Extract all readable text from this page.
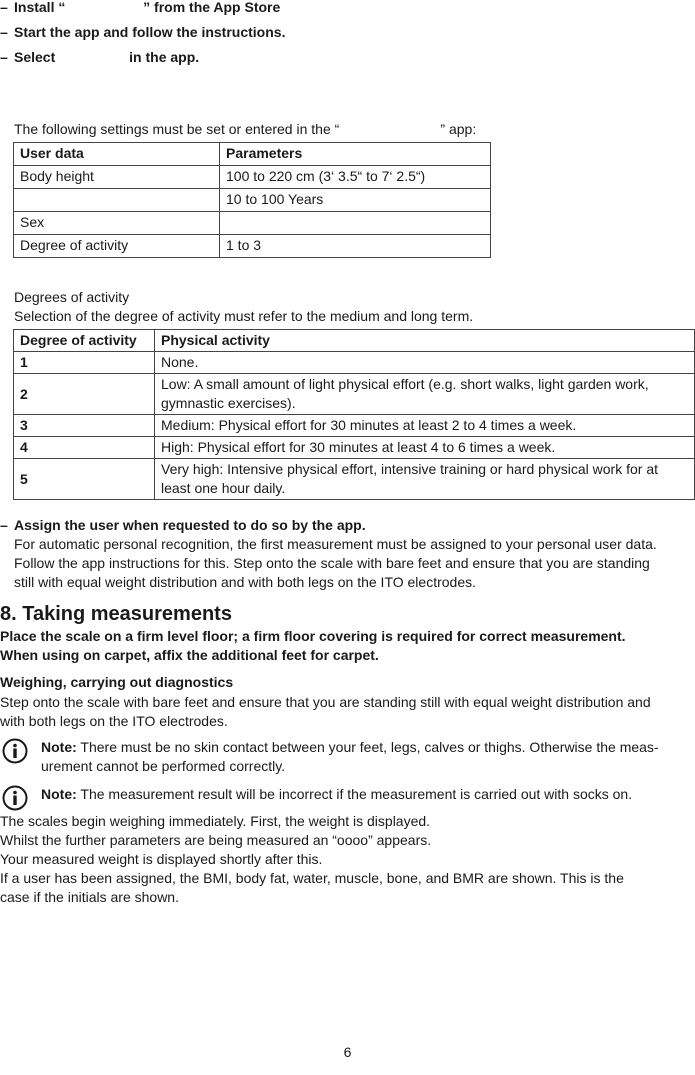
– Install “                    ” from the App Store
– Start the app and follow the instructions.
– Select                   in the app.
The following settings must be set or entered in the “                          ” app:
User data	Parameters
Body height	100 to 220 cm (3‘ 3.5“ to 7‘ 2.5“)
	10 to 100 Years
Sex	
Degree of activity	1 to 3
Degrees of activity
Selection of the degree of activity must refer to the medium and long term.
Degree of activity	Physical activity
1	None.
2	Low: A small amount of light physical effort (e.g. short walks, light garden work, gymnastic exercises).
3	Medium: Physical effort for 30 minutes at least 2 to 4 times a week.
4	High: Physical effort for 30 minutes at least 4 to 6 times a week.
5	Very high: Intensive physical effort, intensive training or hard physical work for at least one hour daily.
– Assign the user when requested to do so by the app.
For automatic personal recognition, the first measurement must be assigned to your personal user data.
Follow the app instructions for this. Step onto the scale with bare feet and ensure that you are standing
still with equal weight distribution and with both legs on the ITO electrodes.
8. Taking measurements
Place the scale on a firm level floor; a firm floor covering is required for correct measurement.
When using on carpet, affix the additional feet for carpet.
Weighing, carrying out diagnostics
Step onto the scale with bare feet and ensure that you are standing still with equal weight distribution and
with both legs on the ITO electrodes.
Note: There must be no skin contact between your feet, legs, calves or thighs. Otherwise the meas-
urement cannot be performed correctly.
Note: The measurement result will be incorrect if the measurement is carried out with socks on.
The scales begin weighing immediately. First, the weight is displayed.
Whilst the further parameters are being measured an “oooo” appears.
Your measured weight is displayed shortly after this.
If a user has been assigned, the BMI, body fat, water, muscle, bone, and BMR are shown. This is the
case if the initials are shown.
6
